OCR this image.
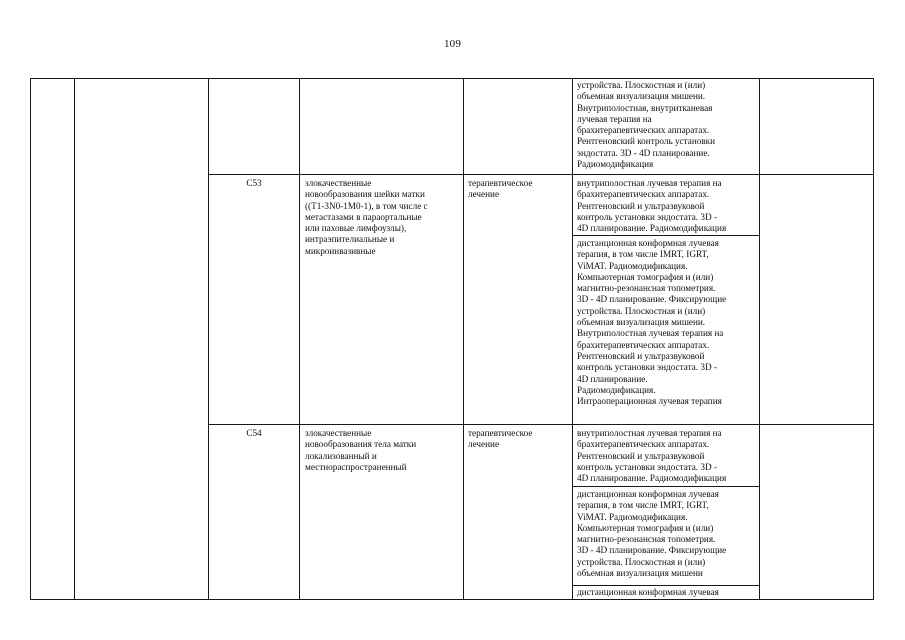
109
устройства. Плоскостная и (или)
объемная визуализация мишени.
Внутриполостная, внутритканевая
лучевая терапия на
брахитерапевтических аппаратах.
Рентгеновский контроль установки
эндостата. 3D - 4D планирование.
Радиомодификация
C53	злокачественные
новообразования шейки матки
((T1-3N0-1M0-1), в том числе с
метастазами в параортальные
или паховые лимфоузлы),
интраэпителиальные и
микроинвазивные
терапевтическое
лечение
внутриполостная лучевая терапия на
брахитерапевтических аппаратах.
Рентгеновский и ультразвуковой
контроль установки эндостата. 3D -
4D планирование. Радиомодификация
дистанционная конформная лучевая
терапия, в том числе IMRT, IGRT,
ViMAT. Радиомодификация.
Компьютерная томография и (или)
магнитно-резонансная топометрия.
3D - 4D планирование. Фиксирующие
устройства. Плоскостная и (или)
объемная визуализация мишени.
Внутриполостная лучевая терапия на
брахитерапевтических аппаратах.
Рентгеновский и ультразвуковой
контроль установки эндостата. 3D -
4D планирование.
Радиомодификация.
Интраоперационная лучевая терапия
C54	злокачественные
новообразования тела матки
локализованный и
местнораспространенный
терапевтическое
лечение
внутриполостная лучевая терапия на
брахитерапевтических аппаратах.
Рентгеновский и ультразвуковой
контроль установки эндостата. 3D -
4D планирование. Радиомодификация
дистанционная конформная лучевая
терапия, в том числе IMRT, IGRT,
ViMAT. Радиомодификация.
Компьютерная томография и (или)
магнитно-резонансная топометрия.
3D - 4D планирование. Фиксирующие
устройства. Плоскостная и (или)
объемная визуализация мишени
дистанционная конформная лучевая
